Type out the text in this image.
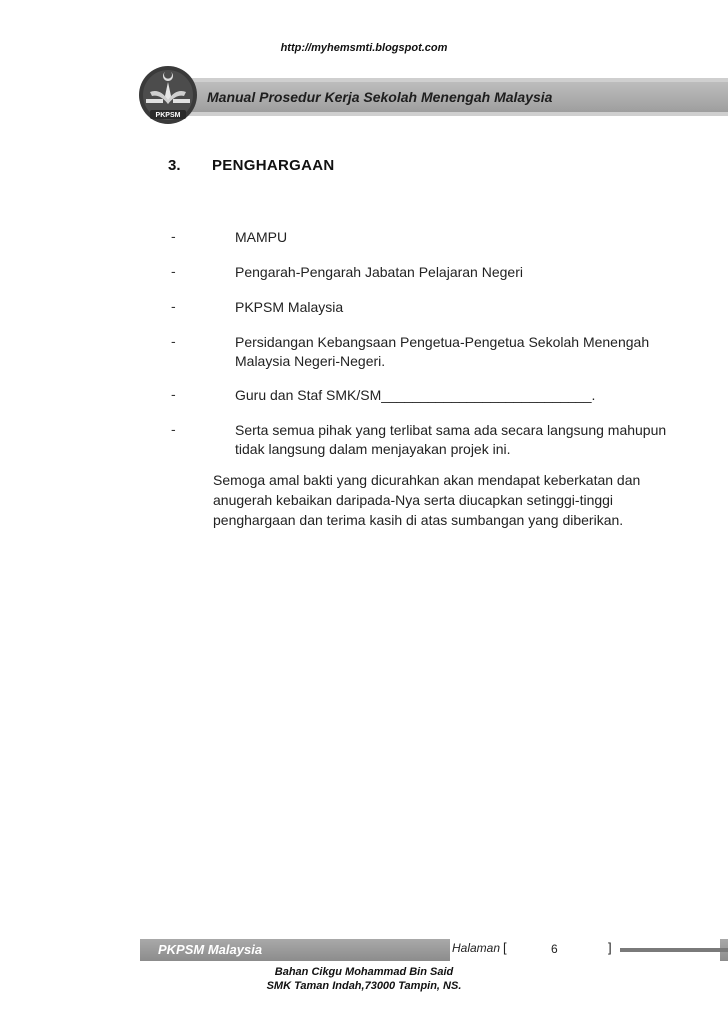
http://myhemsmti.blogspot.com
PKPSM
Manual Prosedur Kerja Sekolah Menengah Malaysia
3. PENGHARGAAN
-	MAMPU
-	Pengarah-Pengarah Jabatan Pelajaran Negeri
-	PKPSM Malaysia
-	Persidangan Kebangsaan Pengetua-Pengetua Sekolah Menengah Malaysia Negeri-Negeri.
-	Guru dan Staf SMK/SM___________________________.
-	Serta semua pihak yang terlibat sama ada secara langsung mahupun tidak langsung dalam menjayakan projek ini.
Semoga amal bakti yang dicurahkan akan mendapat keberkatan dan anugerah kebaikan daripada-Nya serta diucapkan setinggi-tinggi penghargaan dan terima kasih di atas sumbangan yang diberikan.
PKPSM Malaysia	Halaman [	6	]
Bahan Cikgu Mohammad Bin Said
SMK Taman Indah,73000 Tampin, NS.
